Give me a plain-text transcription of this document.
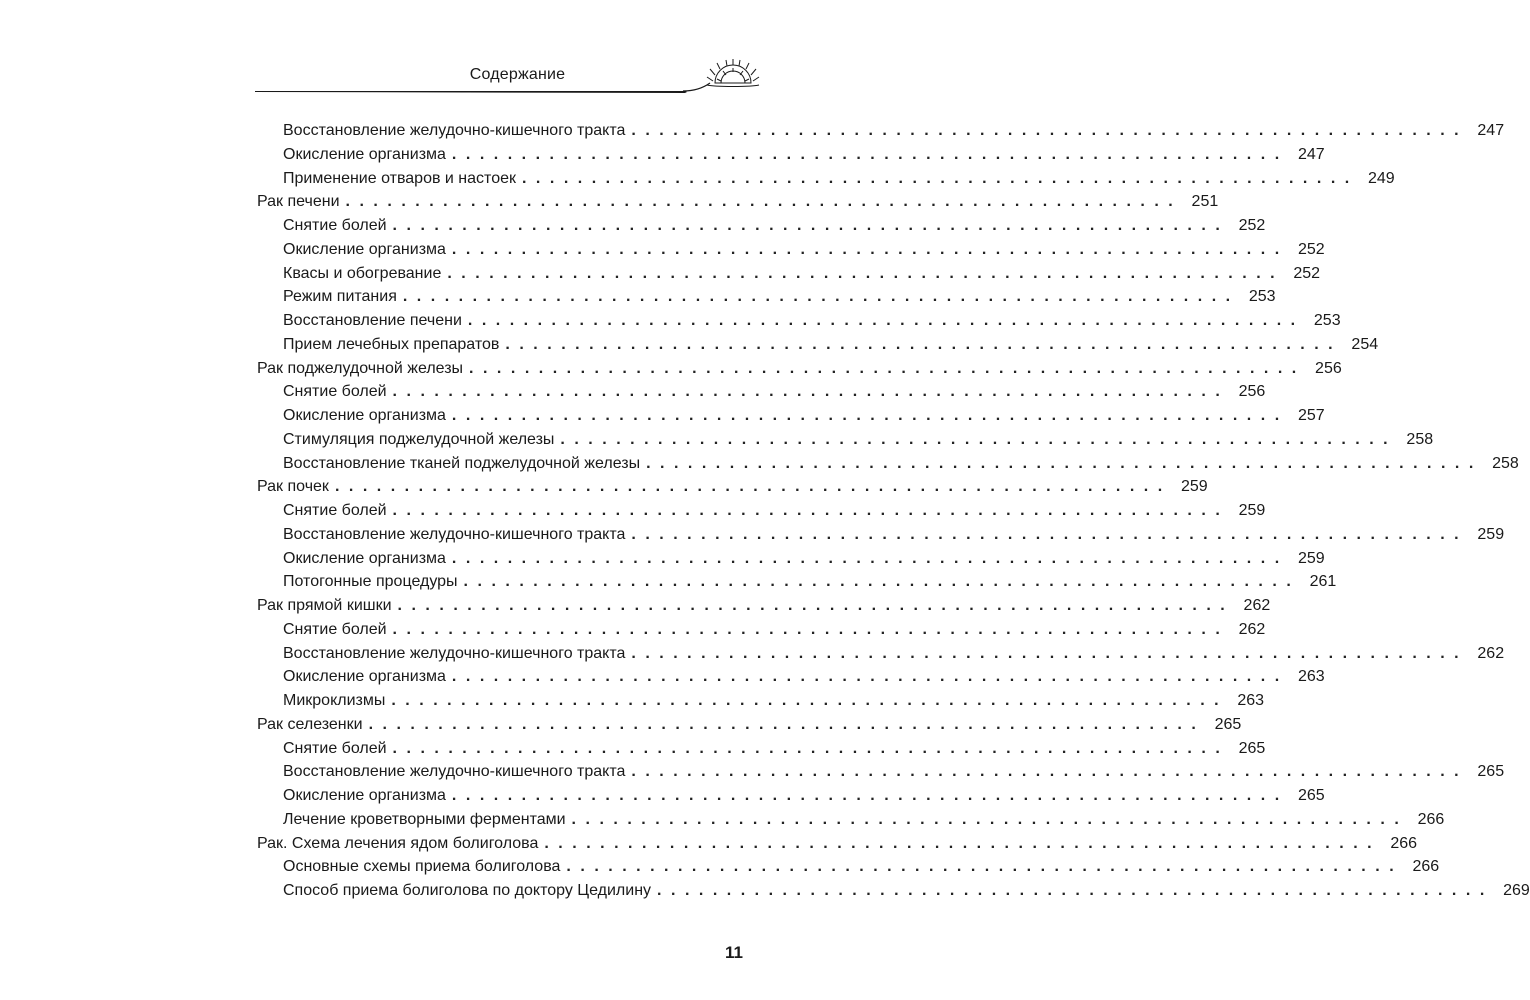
Содержание
Восстановление желудочно-кишечного тракта ............................................................ 247
Окисление организма ............................................................ 247
Применение отваров и настоек ............................................................ 249
Рак печени ............................................................ 251
Снятие болей ............................................................ 252
Окисление организма ............................................................ 252
Квасы и обогревание ............................................................ 252
Режим питания ............................................................ 253
Восстановление печени ............................................................ 253
Прием лечебных препаратов ............................................................ 254
Рак поджелудочной железы ............................................................ 256
Снятие болей ............................................................ 256
Окисление организма ............................................................ 257
Стимуляция поджелудочной железы ............................................................ 258
Восстановление тканей поджелудочной железы ............................................................ 258
Рак почек ............................................................ 259
Снятие болей ............................................................ 259
Восстановление желудочно-кишечного тракта ............................................................ 259
Окисление организма ............................................................ 259
Потогонные процедуры ............................................................ 261
Рак прямой кишки ............................................................ 262
Снятие болей ............................................................ 262
Восстановление желудочно-кишечного тракта ............................................................ 262
Окисление организма ............................................................ 263
Микроклизмы ............................................................ 263
Рак селезенки ............................................................ 265
Снятие болей ............................................................ 265
Восстановление желудочно-кишечного тракта ............................................................ 265
Окисление организма ............................................................ 265
Лечение кроветворными ферментами ............................................................ 266
Рак. Схема лечения ядом болиголова ............................................................ 266
Основные схемы приема болиголова ............................................................ 266
Способ приема болиголова по доктору Цедилину ............................................................ 269
11
